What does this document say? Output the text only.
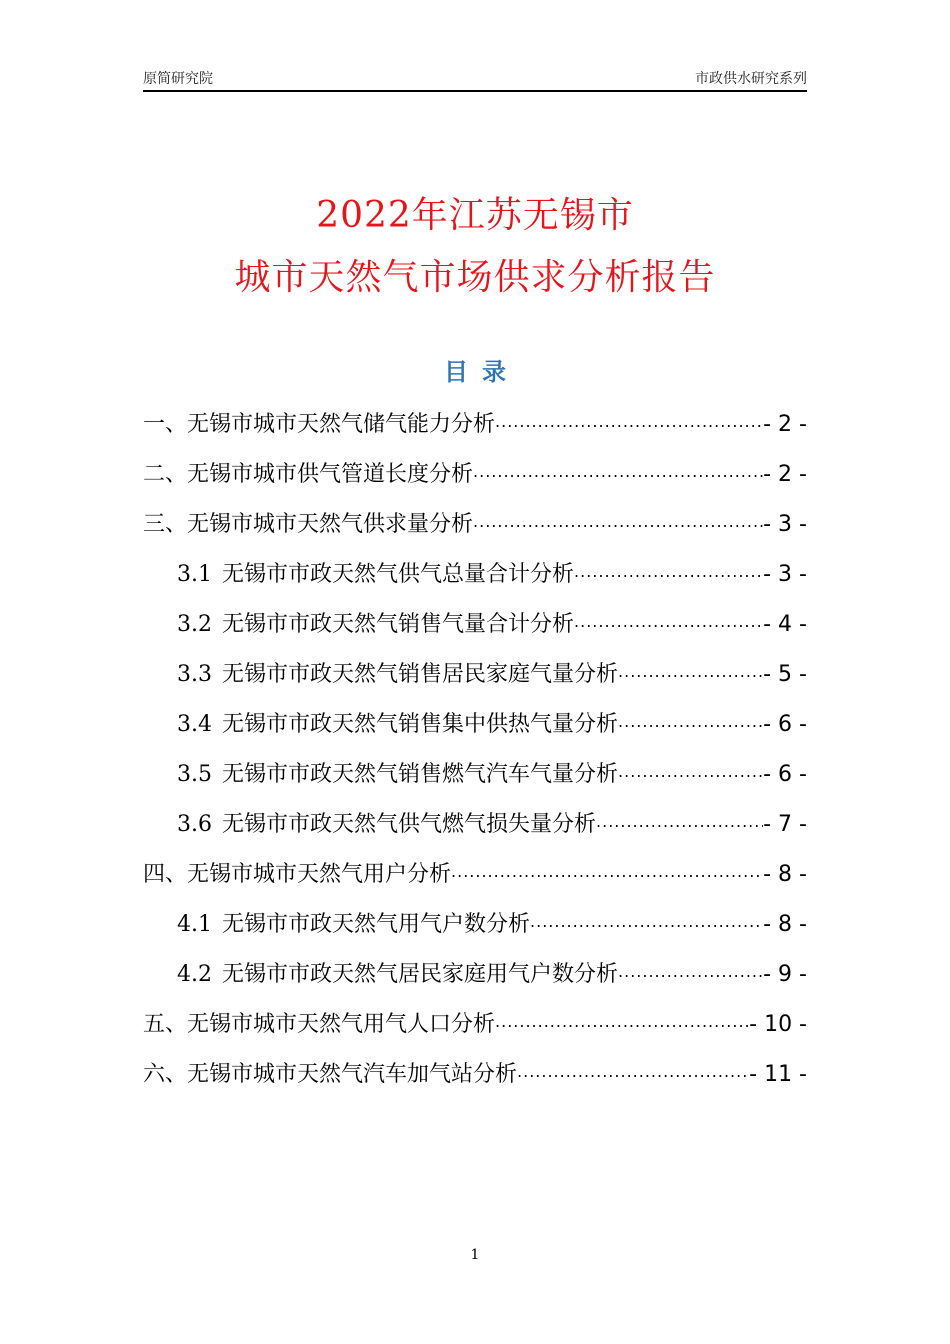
原简研究院	市政供水研究系列
2022年江苏无锡市
城市天然气市场供求分析报告
目录
一、无锡市城市天然气储气能力分析 .....	- 2 -
二、无锡市城市供气管道长度分析 .....	- 2 -
三、无锡市城市天然气供求量分析 .....	- 3 -
3.1 无锡市市政天然气供气总量合计分析 .....	- 3 -
3.2 无锡市市政天然气销售气量合计分析 .....	- 4 -
3.3 无锡市市政天然气销售居民家庭气量分析 .....	- 5 -
3.4 无锡市市政天然气销售集中供热气量分析 .....	- 6 -
3.5 无锡市市政天然气销售燃气汽车气量分析 .....	- 6 -
3.6 无锡市市政天然气供气燃气损失量分析 .....	- 7 -
四、无锡市城市天然气用户分析 .....	- 8 -
4.1 无锡市市政天然气用气户数分析 .....	- 8 -
4.2 无锡市市政天然气居民家庭用气户数分析 .....	- 9 -
五、无锡市城市天然气用气人口分析 .....	- 10 -
六、无锡市城市天然气汽车加气站分析 .....	- 11 -
1
